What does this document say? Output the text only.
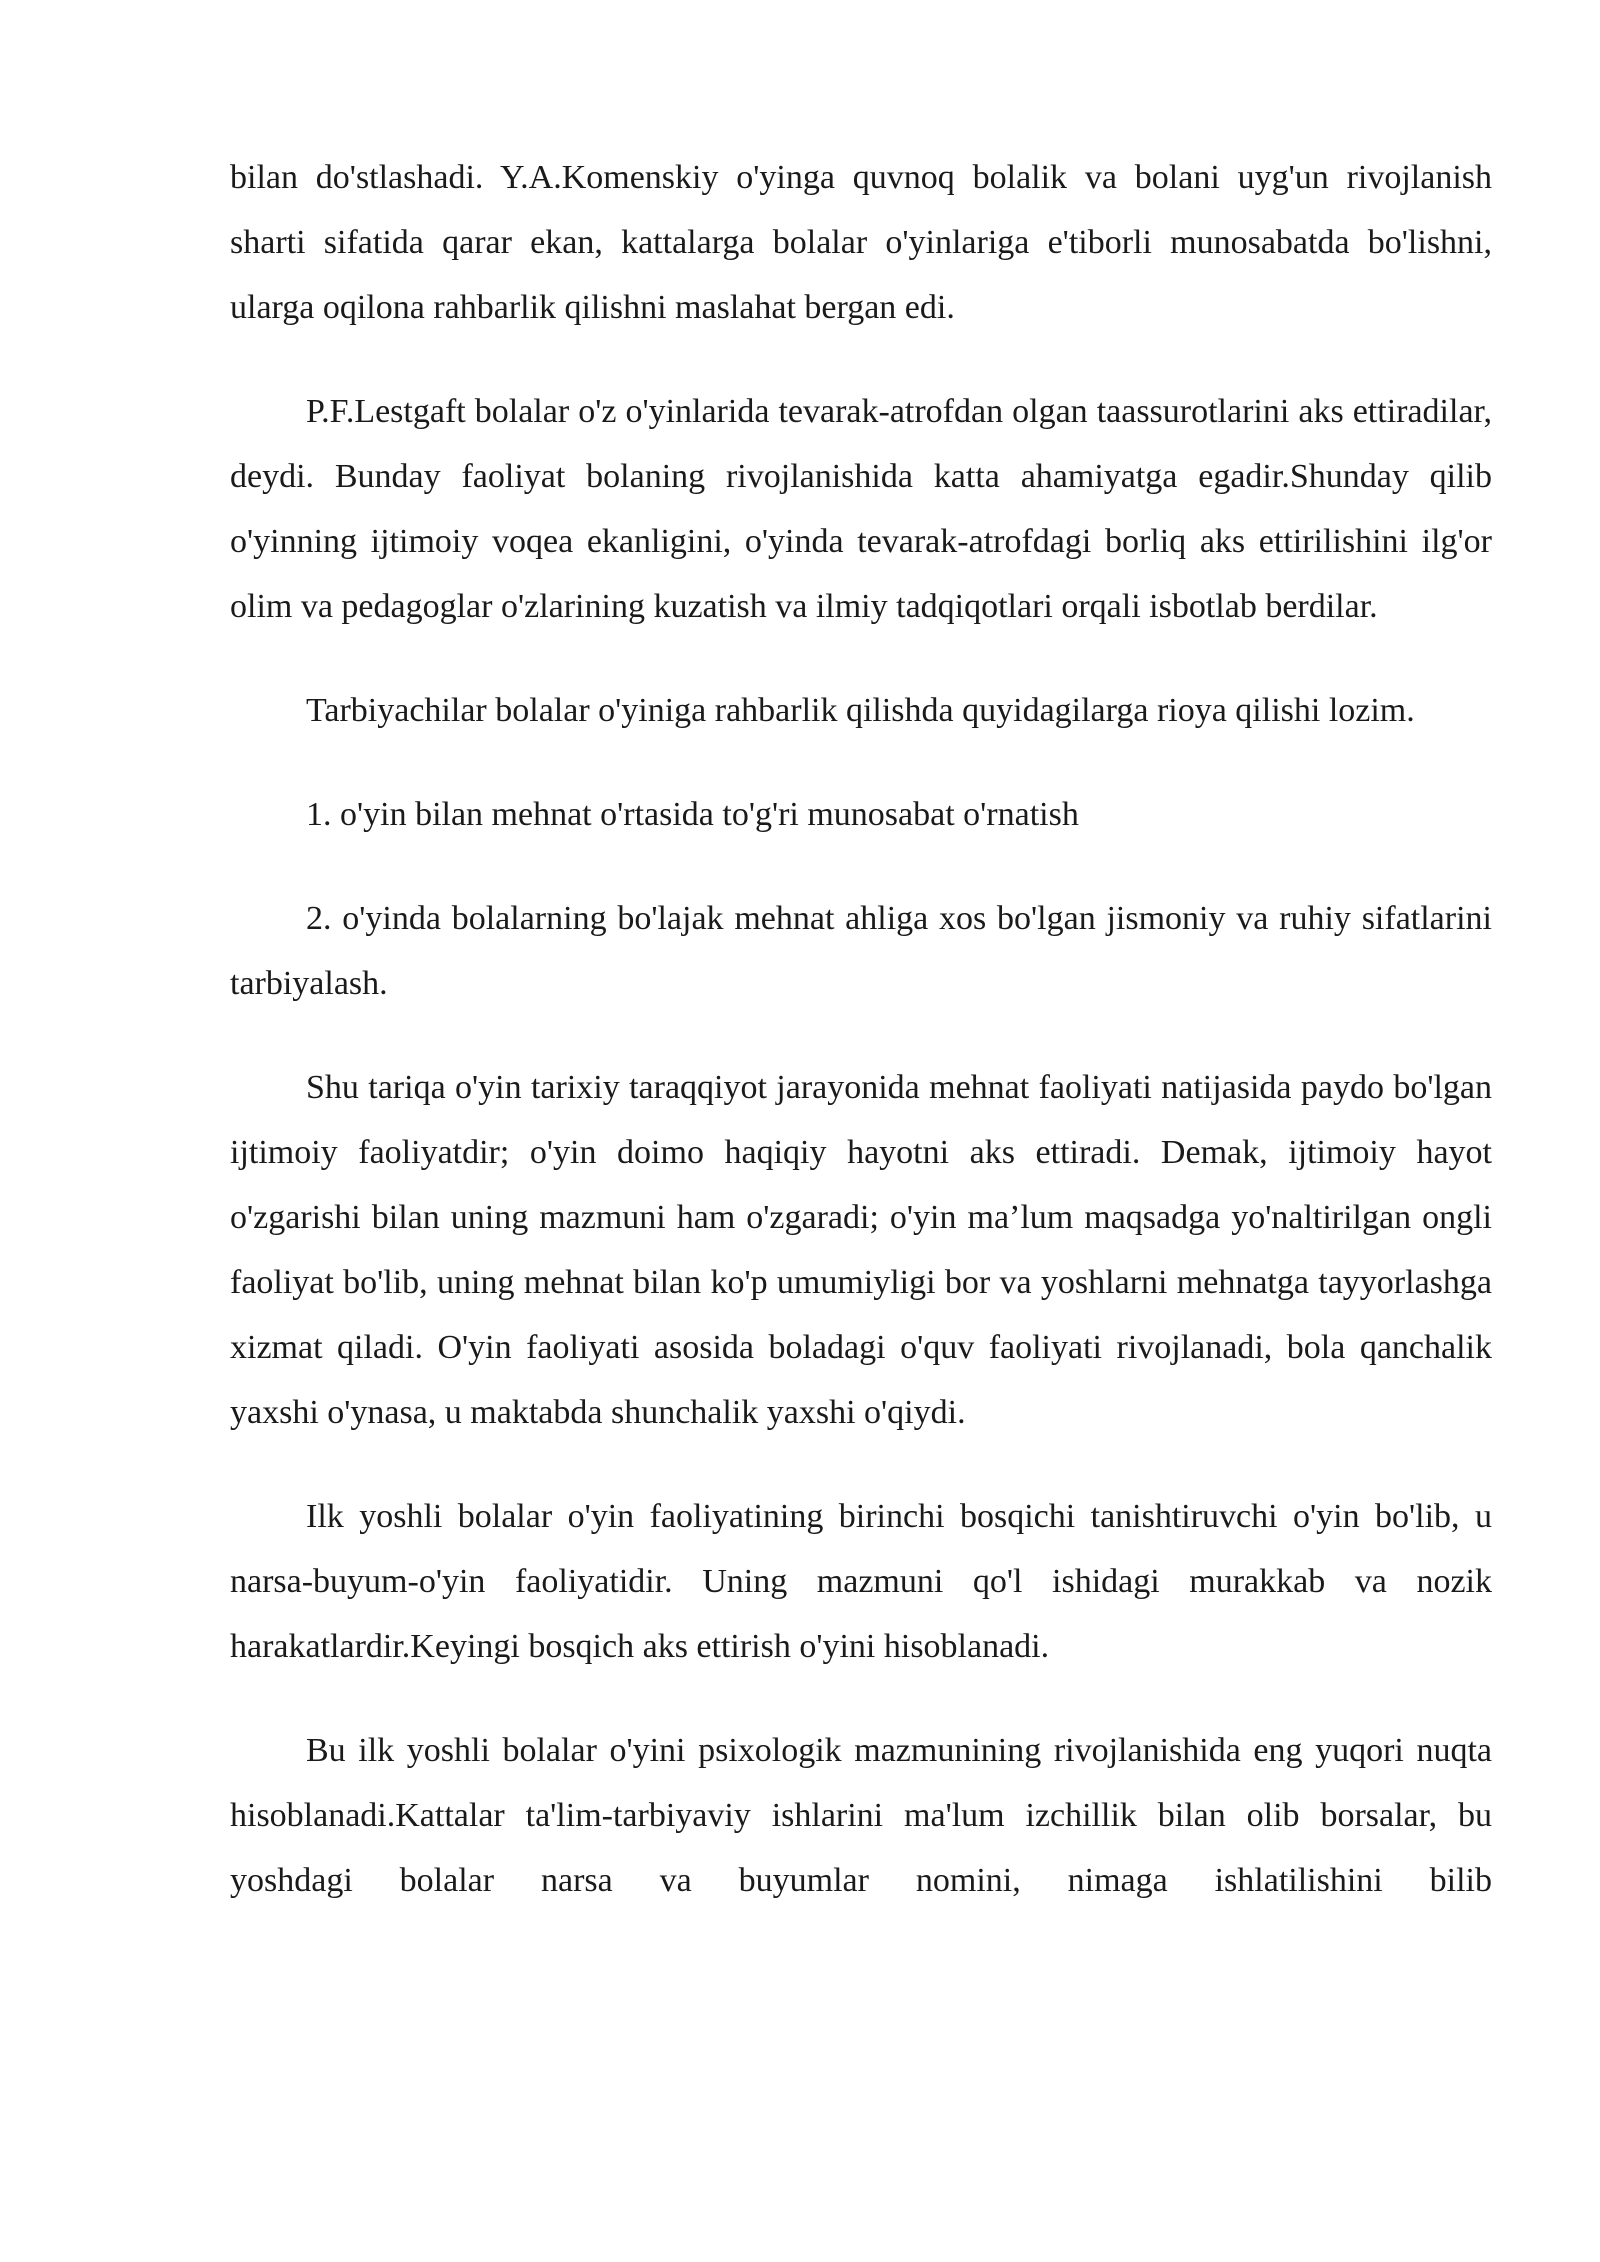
bilan do'stlashadi. Y.A.Komenskiy o'yinga quvnoq bolalik va bolani uyg'un rivojlanish sharti sifatida qarar ekan, kattalarga bolalar o'yinlariga e'tiborli munosabatda bo'lishni, ularga oqilona rahbarlik qilishni maslahat bergan edi.

P.F.Lestgaft bolalar o'z o'yinlarida tevarak-atrofdan olgan taassurotlarini aks ettiradilar, deydi. Bunday faoliyat bolaning rivojlanishida katta ahamiyatga egadir.Shunday qilib o'yinning ijtimoiy voqea ekanligini, o'yinda tevarak-atrofdagi borliq aks ettirilishini ilg'or olim va pedagoglar o'zlarining kuzatish va ilmiy tadqiqotlari orqali isbotlab berdilar.

Tarbiyachilar bolalar o'yiniga rahbarlik qilishda quyidagilarga rioya qilishi lozim.

1. o'yin bilan mehnat o'rtasida to'g'ri munosabat o'rnatish

2. o'yinda bolalarning bo'lajak mehnat ahliga xos bo'lgan jismoniy va ruhiy sifatlarini tarbiyalash.

Shu tariqa o'yin tarixiy taraqqiyot jarayonida mehnat faoliyati natijasida paydo bo'lgan ijtimoiy faoliyatdir; o'yin doimo haqiqiy hayotni aks ettiradi. Demak, ijtimoiy hayot o'zgarishi bilan uning mazmuni ham o'zgaradi; o'yin ma’lum maqsadga yo'naltirilgan ongli faoliyat bo'lib, uning mehnat bilan ko'p umumiyligi bor va yoshlarni mehnatga tayyorlashga xizmat qiladi. O'yin faoliyati asosida boladagi o'quv faoliyati rivojlanadi, bola qanchalik yaxshi o'ynasa, u maktabda shunchalik yaxshi o'qiydi.

Ilk yoshli bolalar o'yin faoliyatining birinchi bosqichi tanishtiruvchi o'yin bo'lib, u narsa-buyum-o'yin faoliyatidir. Uning mazmuni qo'l ishidagi murakkab va nozik harakatlardir.Keyingi bosqich aks ettirish o'yini hisoblanadi.

Bu ilk yoshli bolalar o'yini psixologik mazmunining rivojlanishida eng yuqori nuqta hisoblanadi.Kattalar ta'lim-tarbiyaviy ishlarini ma'lum izchillik bilan olib borsalar, bu yoshdagi bolalar narsa va buyumlar nomini, nimaga ishlatilishini bilib
